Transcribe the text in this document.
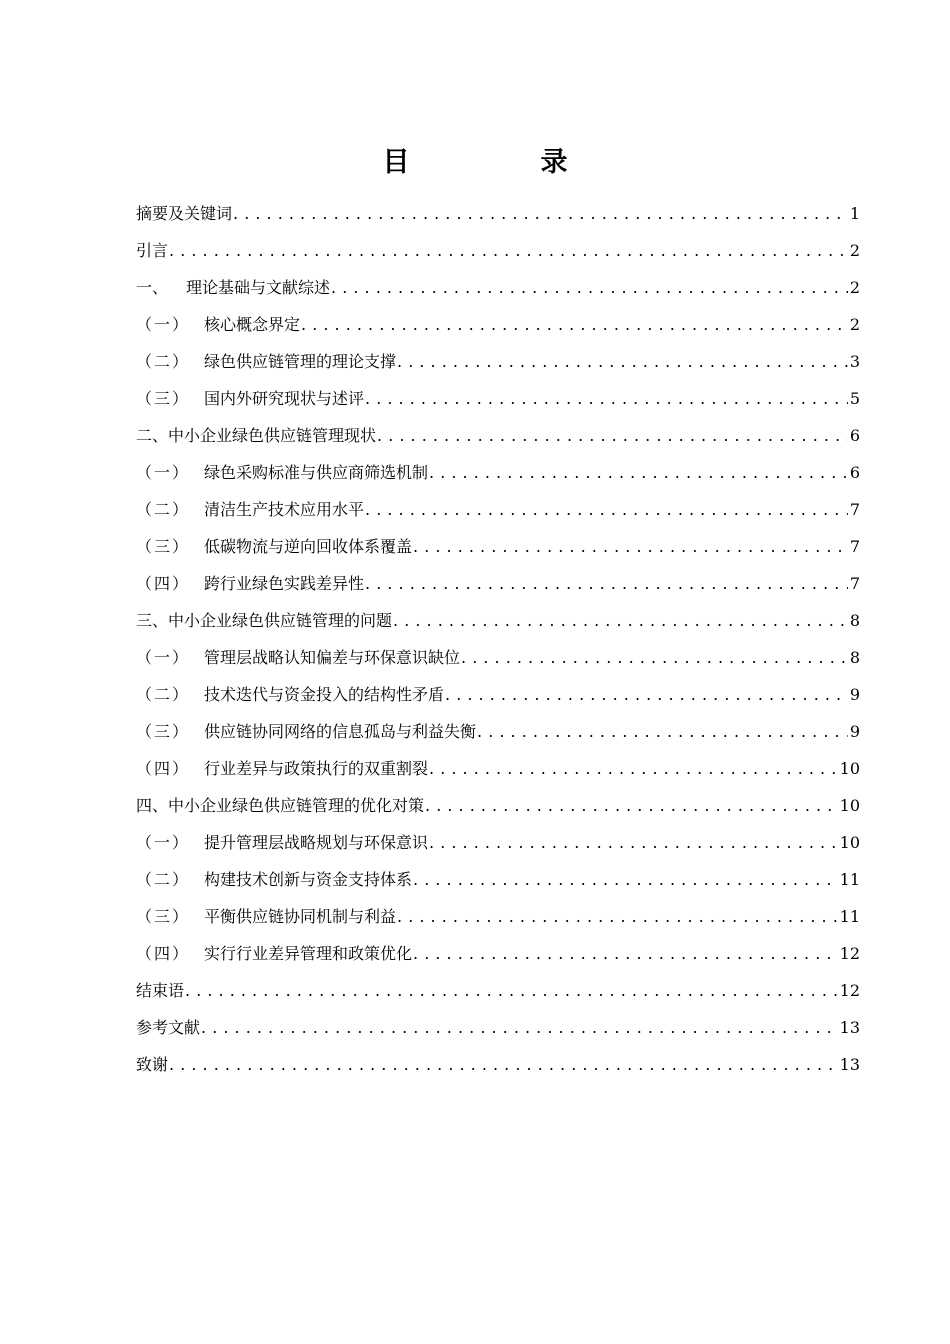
目　录
摘要及关键词 . . .	1
引言 . . .	2
一、	理论基础与文献综述 . . .	2
（一） 核心概念界定 . . .	2
（二） 绿色供应链管理的理论支撑 . . .	3
（三） 国内外研究现状与述评 . . .	5
二、中小企业绿色供应链管理现状 . . .	6
（一） 绿色采购标准与供应商筛选机制 . . .	6
（二） 清洁生产技术应用水平 . . .	7
（三） 低碳物流与逆向回收体系覆盖 . . .	7
（四） 跨行业绿色实践差异性 . . .	7
三、中小企业绿色供应链管理的问题 . . .	8
（一） 管理层战略认知偏差与环保意识缺位 . . .	8
（二） 技术迭代与资金投入的结构性矛盾 . . .	9
（三） 供应链协同网络的信息孤岛与利益失衡 . . .	9
（四） 行业差异与政策执行的双重割裂 . . .	10
四、中小企业绿色供应链管理的优化对策 . . .	10
（一） 提升管理层战略规划与环保意识 . . .	10
（二） 构建技术创新与资金支持体系 . . .	11
（三） 平衡供应链协同机制与利益 . . .	11
（四） 实行行业差异管理和政策优化 . . .	12
结束语 . . .	12
参考文献 . . .	13
致谢 . . .	13
